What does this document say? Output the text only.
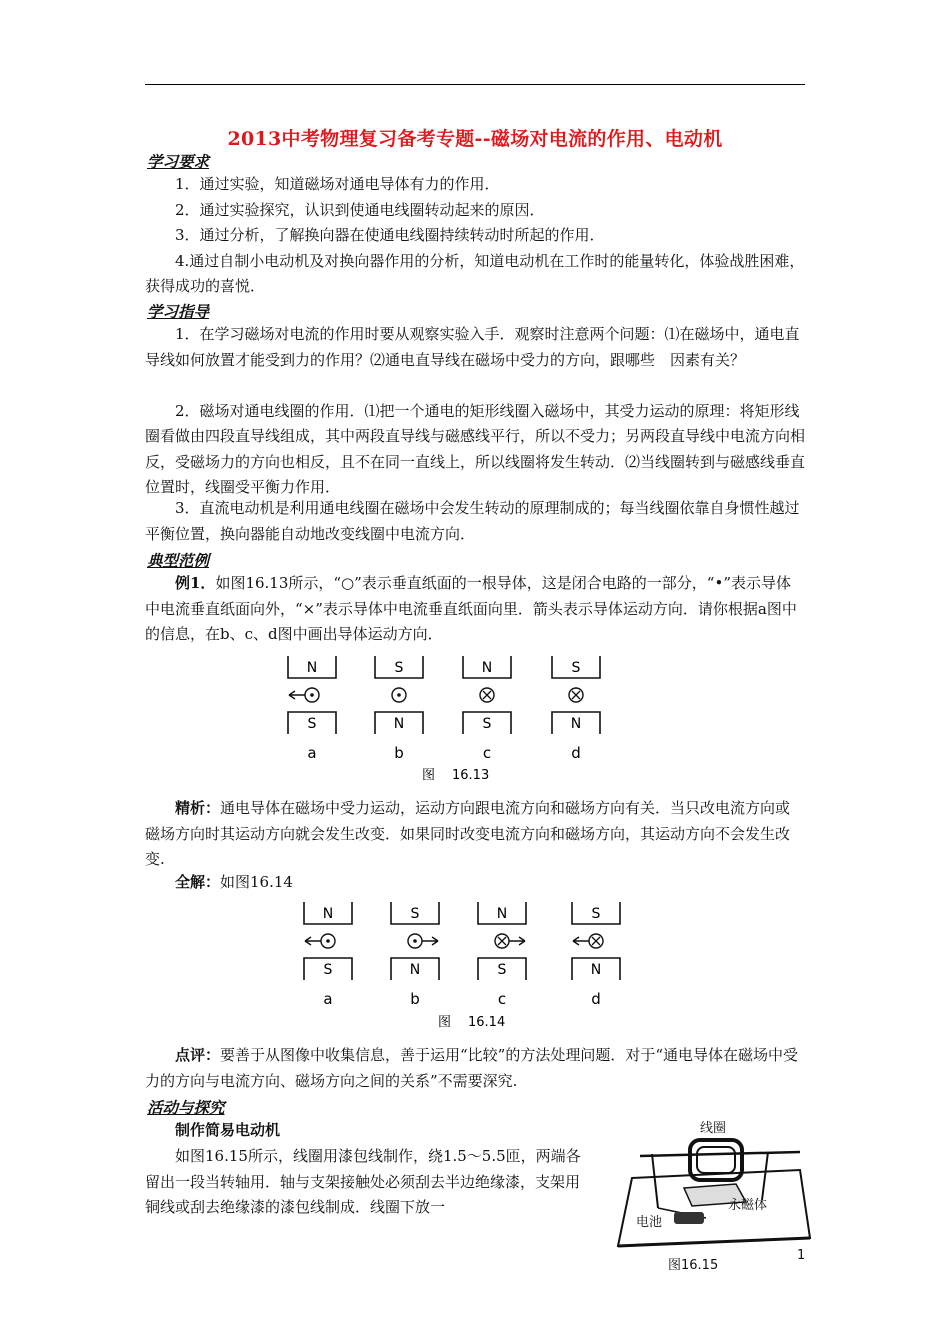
2013中考物理复习备考专题--磁场对电流的作用、电动机
学习要求
1．通过实验，知道磁场对通电导体有力的作用．
2．通过实验探究，认识到使通电线圈转动起来的原因．
3．通过分析，了解换向器在使通电线圈持续转动时所起的作用．
4.通过自制小电动机及对换向器作用的分析，知道电动机在工作时的能量转化，体验战胜困难，获得成功的喜悦．
学习指导
1．在学习磁场对电流的作用时要从观察实验入手．观察时注意两个问题：⑴在磁场中，通电直导线如何放置才能受到力的作用？⑵通电直导线在磁场中受力的方向，跟哪些　因素有关？
2．磁场对通电线圈的作用．⑴把一个通电的矩形线圈入磁场中，其受力运动的原理：将矩形线圈看做由四段直导线组成，其中两段直导线与磁感线平行，所以不受力；另两段直导线中电流方向相反，受磁场力的方向也相反，且不在同一直线上，所以线圈将发生转动．⑵当线圈转到与磁感线垂直位置时，线圈受平衡力作用．
3．直流电动机是利用通电线圈在磁场中会发生转动的原理制成的；每当线圈依靠自身惯性越过平衡位置，换向器能自动地改变线圈中电流方向．
典型范例
例1．如图16.13所示，“○”表示垂直纸面的一根导体，这是闭合电路的一部分，“•”表示导体中电流垂直纸面向外，“×”表示导体中电流垂直纸面向里．箭头表示导体运动方向．请你根据a图中的信息，在b、c、d图中画出导体运动方向．
N
S
a
S
N
b
N
S
c
S
N
d
图 16.13
N
S
a
S
N
b
N
S
c
S
N
d
图 16.14
精析：通电导体在磁场中受力运动，运动方向跟电流方向和磁场方向有关．当只改电流方向或磁场方向时其运动方向就会发生改变．如果同时改变电流方向和磁场方向，其运动方向不会发生改变.
全解：如图16.14
点评：要善于从图像中收集信息，善于运用“比较”的方法处理问题．对于“通电导体在磁场中受力的方向与电流方向、磁场方向之间的关系”不需要深究.
活动与探究
制作简易电动机
如图16.15所示，线圈用漆包线制作，绕1.5～5.5匝，两端各留出一段当转轴用．轴与支架接触处必须刮去半边绝缘漆，支架用铜线或刮去绝缘漆的漆包线制成．线圈下放一
线圈
永磁体
电池
图16.15
1
